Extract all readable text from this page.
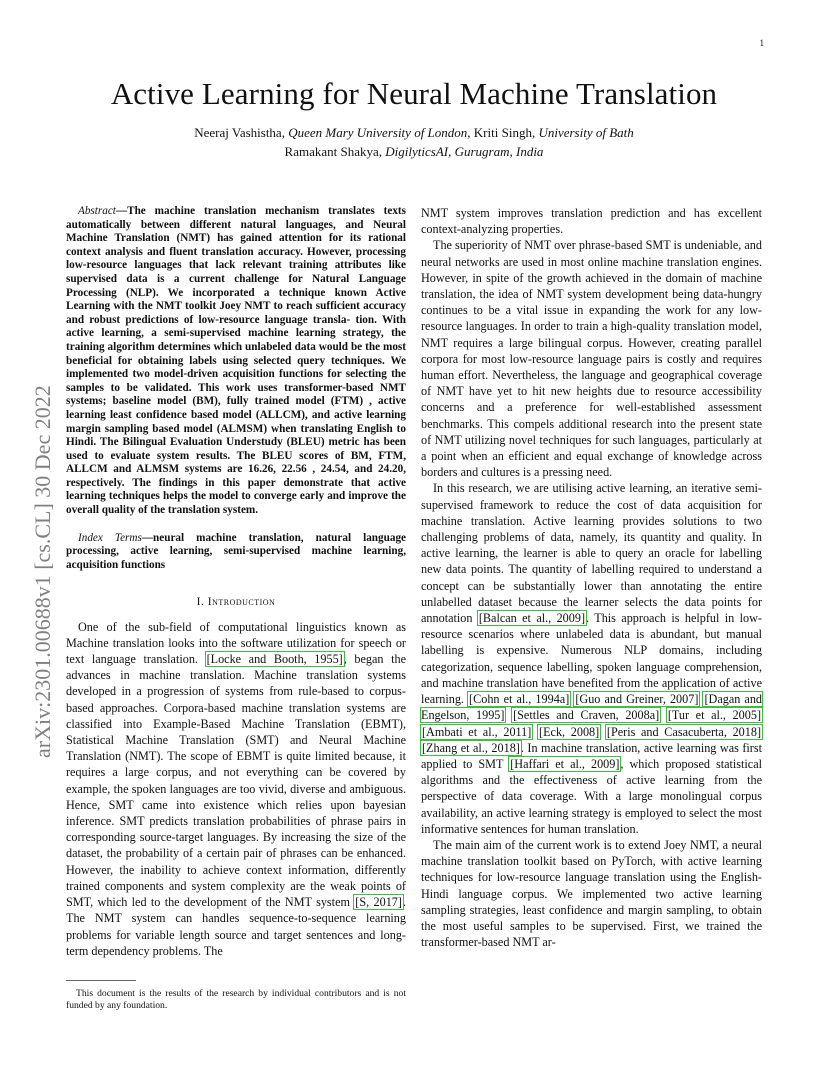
1
arXiv:2301.00688v1 [cs.CL] 30 Dec 2022
Active Learning for Neural Machine Translation
Neeraj Vashistha, Queen Mary University of London, Kriti Singh, University of Bath
Ramakant Shakya, DigilyticsAI, Gurugram, India

Abstract—The machine translation mechanism translates texts automatically between different natural languages, and Neural Machine Translation (NMT) has gained attention for its rational context analysis and fluent translation accuracy. However, processing low-resource languages that lack relevant training attributes like supervised data is a current challenge for Natural Language Processing (NLP). We incorporated a technique known Active Learning with the NMT toolkit Joey NMT to reach sufficient accuracy and robust predictions of low-resource language transla- tion. With active learning, a semi-supervised machine learning strategy, the training algorithm determines which unlabeled data would be the most beneficial for obtaining labels using selected query techniques. We implemented two model-driven acquisition functions for selecting the samples to be validated. This work uses transformer-based NMT systems; baseline model (BM), fully trained model (FTM) , active learning least confidence based model (ALLCM), and active learning margin sampling based model (ALMSM) when translating English to Hindi. The Bilingual Evaluation Understudy (BLEU) metric has been used to evaluate system results. The BLEU scores of BM, FTM, ALLCM and ALMSM systems are 16.26, 22.56 , 24.54, and 24.20, respectively. The findings in this paper demonstrate that active learning techniques helps the model to converge early and improve the overall quality of the translation system.

Index Terms—neural machine translation, natural language processing, active learning, semi-supervised machine learning, acquisition functions

I. Introduction

One of the sub-field of computational linguistics known as Machine translation looks into the software utilization for speech or text language translation. [Locke and Booth, 1955], began the advances in machine translation. Machine translation systems developed in a progression of systems from rule-based to corpus-based approaches. Corpora-based machine translation systems are classified into Example-Based Machine Translation (EBMT), Statistical Machine Translation (SMT) and Neural Machine Translation (NMT). The scope of EBMT is quite limited because, it requires a large corpus, and not everything can be covered by example, the spoken languages are too vivid, diverse and ambiguous. Hence, SMT came into existence which relies upon bayesian inference. SMT predicts translation probabilities of phrase pairs in corresponding source-target languages. By increasing the size of the dataset, the probability of a certain pair of phrases can be enhanced. However, the inability to achieve context information, differently trained components and system complexity are the weak points of SMT, which led to the development of the NMT system [S, 2017]. The NMT system can handles sequence-to-sequence learning problems for variable length source and target sentences and long-term dependency problems. The

NMT system improves translation prediction and has excellent context-analyzing properties.

The superiority of NMT over phrase-based SMT is undeniable, and neural networks are used in most online machine translation engines. However, in spite of the growth achieved in the domain of machine translation, the idea of NMT system development being data-hungry continues to be a vital issue in expanding the work for any low-resource languages. In order to train a high-quality translation model, NMT requires a large bilingual corpus. However, creating parallel corpora for most low-resource language pairs is costly and requires human effort. Nevertheless, the language and geographical coverage of NMT have yet to hit new heights due to resource accessibility concerns and a preference for well-established assessment benchmarks. This compels additional research into the present state of NMT utilizing novel techniques for such languages, particularly at a point when an efficient and equal exchange of knowledge across borders and cultures is a pressing need.

In this research, we are utilising active learning, an iterative semi-supervised framework to reduce the cost of data acquisition for machine translation. Active learning provides solutions to two challenging problems of data, namely, its quantity and quality. In active learning, the learner is able to query an oracle for labelling new data points. The quantity of labelling required to understand a concept can be substantially lower than annotating the entire unlabelled dataset because the learner selects the data points for annotation [Balcan et al., 2009]. This approach is helpful in low-resource scenarios where unlabeled data is abundant, but manual labelling is expensive. Numerous NLP domains, including categorization, sequence labelling, spoken language comprehension, and machine translation have benefited from the application of active learning. [Cohn et al., 1994a] [Guo and Greiner, 2007] [Dagan and Engelson, 1995] [Settles and Craven, 2008a] [Tur et al., 2005] [Ambati et al., 2011] [Eck, 2008] [Peris and Casacuberta, 2018] [Zhang et al., 2018]. In machine translation, active learning was first applied to SMT [Haffari et al., 2009], which proposed statistical algorithms and the effectiveness of active learning from the perspective of data coverage. With a large monolingual corpus availability, an active learning strategy is employed to select the most informative sentences for human translation.

The main aim of the current work is to extend Joey NMT, a neural machine translation toolkit based on PyTorch, with active learning techniques for low-resource language translation using the English-Hindi language corpus. We implemented two active learning sampling strategies, least confidence and margin sampling, to obtain the most useful samples to be supervised. First, we trained the transformer-based NMT ar-

This document is the results of the research by individual contributors and is not funded by any foundation.
